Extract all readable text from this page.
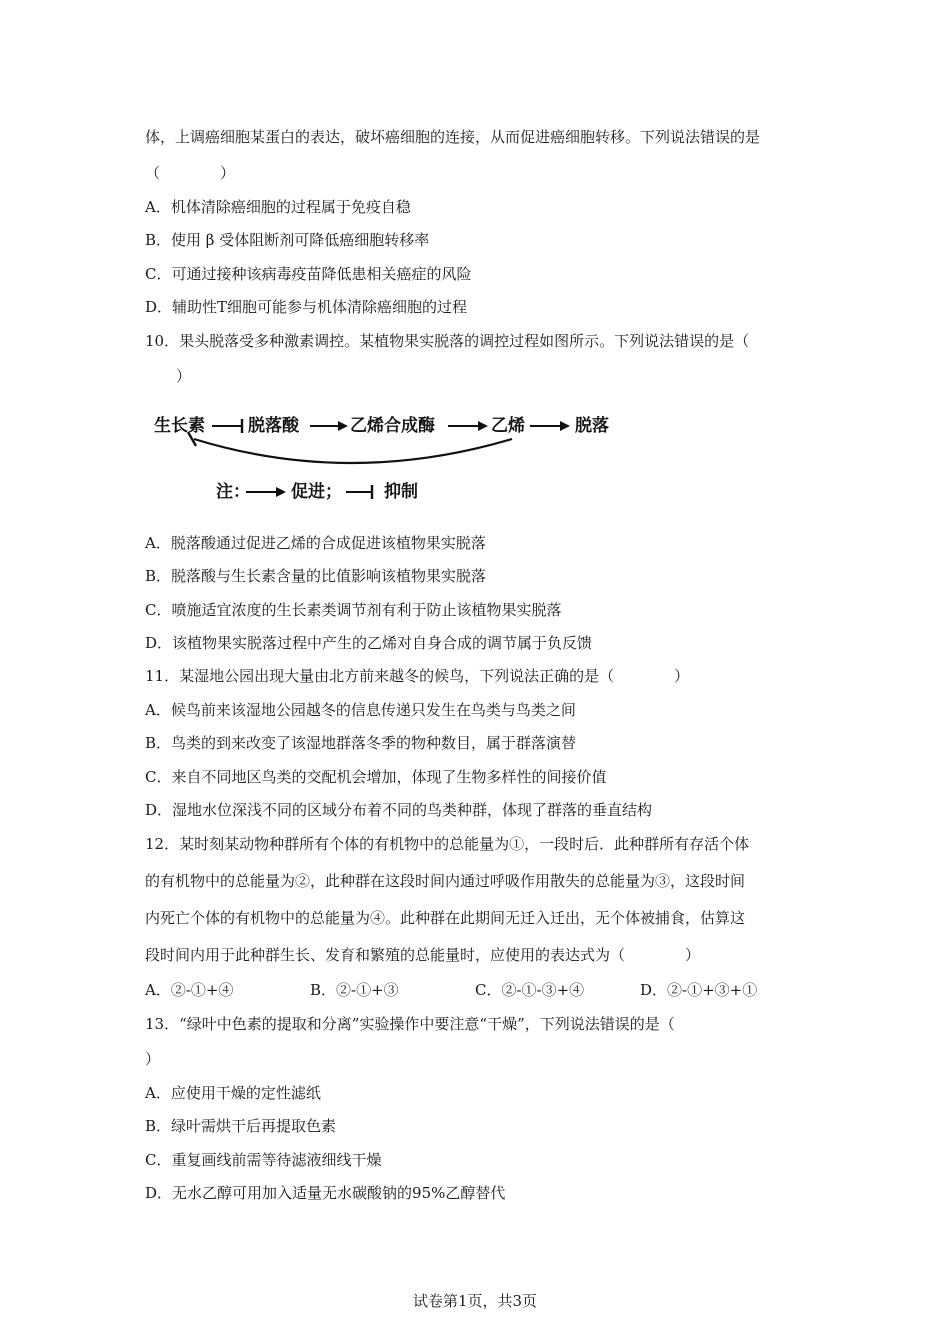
体，上调癌细胞某蛋白的表达，破坏癌细胞的连接，从而促进癌细胞转移。下列说法错误的是
（　　　　）
A．机体清除癌细胞的过程属于免疫自稳
B．使用 β 受体阻断剂可降低癌细胞转移率
C．可通过接种该病毒疫苗降低患相关癌症的风险
D．辅助性T细胞可能参与机体清除癌细胞的过程
10．果头脱落受多种激素调控。某植物果实脱落的调控过程如图所示。下列说法错误的是（
）
生长素	脱落酸	乙烯合成酶	乙烯	脱落
注： 促进； 抑制
A．脱落酸通过促进乙烯的合成促进该植物果实脱落
B．脱落酸与生长素含量的比值影响该植物果实脱落
C．喷施适宜浓度的生长素类调节剂有利于防止该植物果实脱落
D．该植物果实脱落过程中产生的乙烯对自身合成的调节属于负反馈
11．某湿地公园出现大量由北方前来越冬的候鸟，下列说法正确的是（　　　　）
A．候鸟前来该湿地公园越冬的信息传递只发生在鸟类与鸟类之间
B．鸟类的到来改变了该湿地群落冬季的物种数目，属于群落演替
C．来自不同地区鸟类的交配机会增加，体现了生物多样性的间接价值
D．湿地水位深浅不同的区域分布着不同的鸟类种群，体现了群落的垂直结构
12．某时刻某动物种群所有个体的有机物中的总能量为①，一段时后．此种群所有存活个体
的有机物中的总能量为②，此种群在这段时间内通过呼吸作用散失的总能量为③，这段时间
内死亡个体的有机物中的总能量为④。此种群在此期间无迁入迁出，无个体被捕食，估算这
段时间内用于此种群生长、发育和繁殖的总能量时，应使用的表达式为（　　　　）
A．②-①+④	B．②-①+③	C．②-①-③+④	D．②-①+③+①
13．“绿叶中色素的提取和分离”实验操作中要注意“干燥”，下列说法错误的是（
）
A．应使用干燥的定性滤纸
B．绿叶需烘干后再提取色素
C．重复画线前需等待滤液细线干燥
D．无水乙醇可用加入适量无水碳酸钠的95%乙醇替代
试卷第1页，共3页
